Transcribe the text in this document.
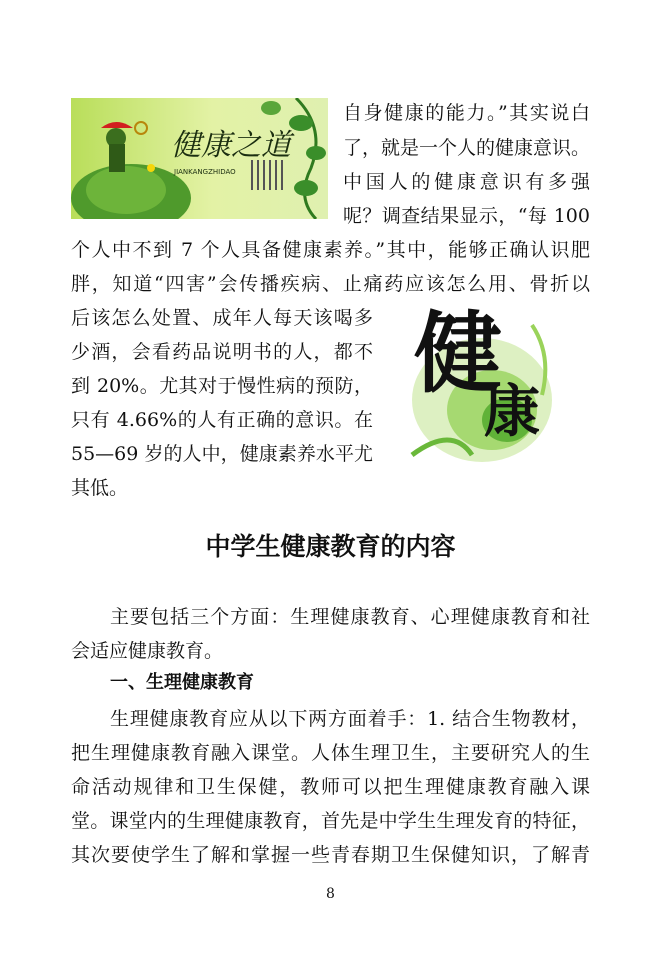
健康之道
JIANKANGZHIDAO
健
康
自身健康的能力。”其实说白
了，就是一个人的健康意识。
中国人的健康意识有多强
呢？调查结果显示，“每 100
个人中不到 7 个人具备健康素养。”其中，能够正确认识肥
胖，知道“四害”会传播疾病、止痛药应该怎么用、骨折以
后该怎么处置、成年人每天该喝多
少酒，会看药品说明书的人，都不
到 20%。尤其对于慢性病的预防，
只有 4.66%的人有正确的意识。在
55—69 岁的人中，健康素养水平尤
其低。
中学生健康教育的内容
主要包括三个方面：生理健康教育、心理健康教育和社
会适应健康教育。
一、生理健康教育
生理健康教育应从以下两方面着手：1. 结合生物教材，
把生理健康教育融入课堂。人体生理卫生，主要研究人的生
命活动规律和卫生保健，教师可以把生理健康教育融入课
堂。课堂内的生理健康教育，首先是中学生生理发育的特征，
其次要使学生了解和掌握一些青春期卫生保健知识，了解青
8
